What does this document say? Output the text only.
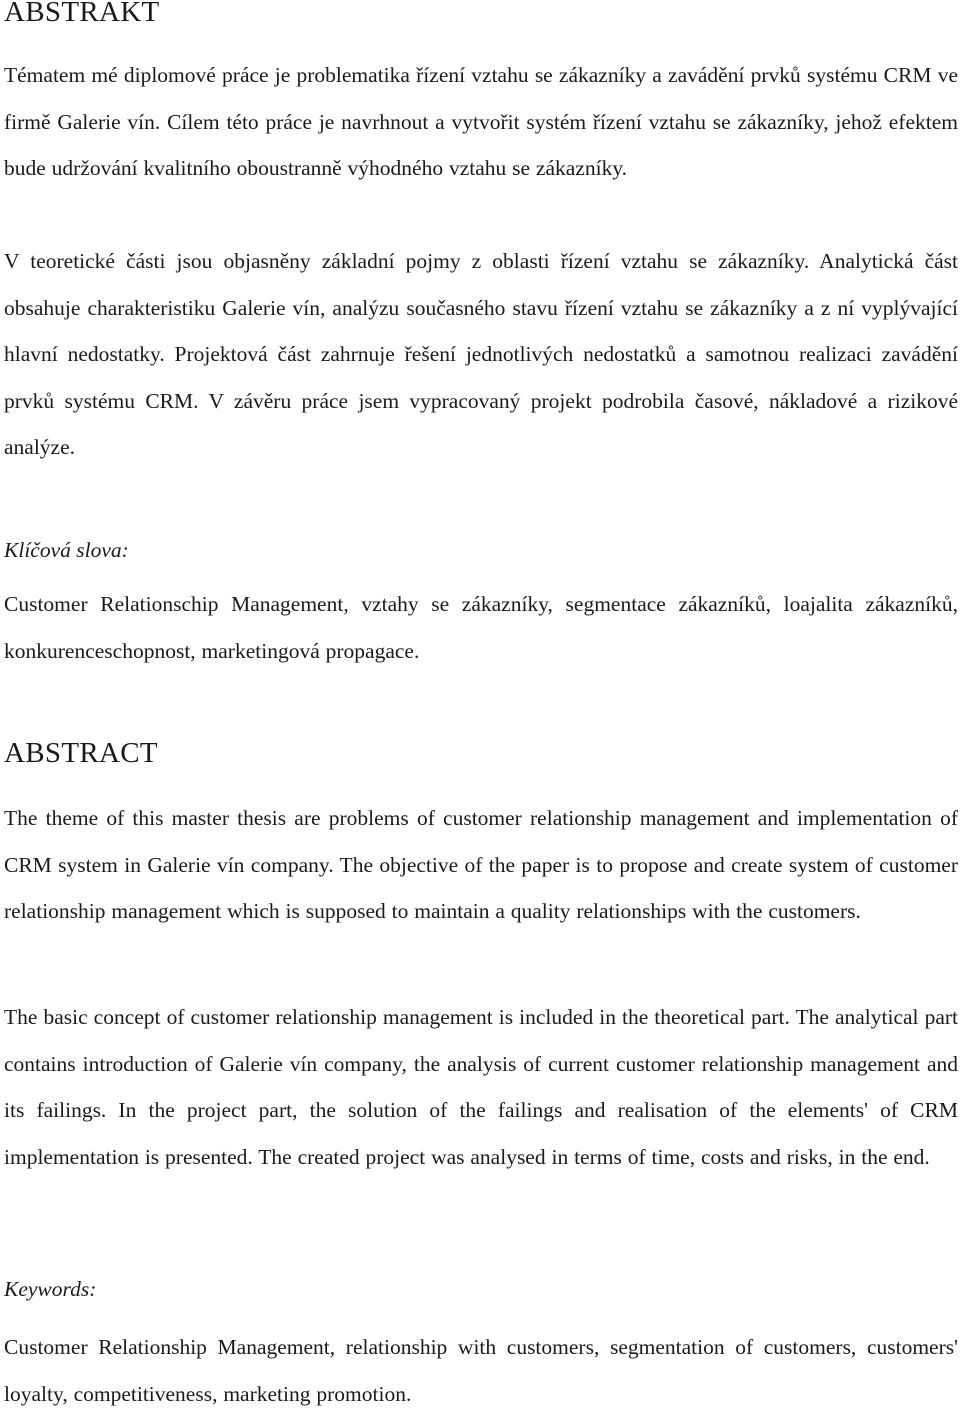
ABSTRAKT

Tématem mé diplomové práce je problematika řízení vztahu se zákazníky a zavádění prvků systému CRM ve firmě Galerie vín. Cílem této práce je navrhnout a vytvořit systém řízení vztahu se zákazníky, jehož efektem bude udržování kvalitního oboustranně výhodného vztahu se zákazníky.

V teoretické části jsou objasněny základní pojmy z oblasti řízení vztahu se zákazníky. Analytická část obsahuje charakteristiku Galerie vín, analýzu současného stavu řízení vztahu se zákazníky a z ní vyplývající hlavní nedostatky. Projektová část zahrnuje řešení jednotlivých nedostatků a samotnou realizaci zavádění prvků systému CRM. V závěru práce jsem vypracovaný projekt podrobila časové, nákladové a rizikové analýze.

Klíčová slova:

Customer Relationschip Management, vztahy se zákazníky, segmentace zákazníků, loajalita zákazníků, konkurenceschopnost, marketingová propagace.

ABSTRACT

The theme of this master thesis are problems of customer relationship management and implementation of CRM system in Galerie vín company. The objective of the paper is to propose and create system of customer relationship management which is supposed to maintain a quality relationships with the customers.

The basic concept of customer relationship management is included in the theoretical part. The analytical part contains introduction of Galerie vín company, the analysis of current customer relationship management and its failings. In the project part, the solution of the failings and realisation of the elements' of CRM implementation is presented. The created project was analysed in terms of time, costs and risks, in the end.

Keywords:

Customer Relationship Management, relationship with customers, segmentation of customers, customers' loyalty, competitiveness, marketing promotion.
